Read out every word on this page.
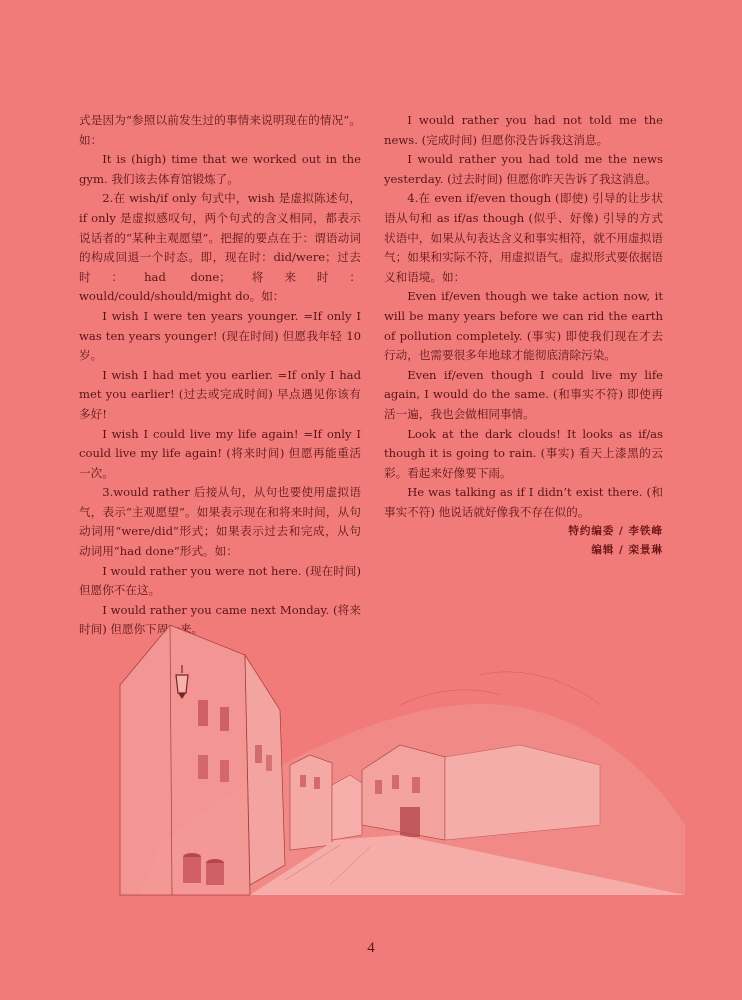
式是因为“参照以前发生过的事情来说明现在的情况”。如：

It is (high) time that we worked out in the gym. 我们该去体育馆锻炼了。

2.在 wish/if only 句式中，wish 是虚拟陈述句，if only 是虚拟感叹句，两个句式的含义相同，都表示说话者的“某种主观愿望”。把握的要点在于：谓语动词的构成回退一个时态。即，现在时：did/were；过去时：had done；将来时：would/could/should/might do。如：

I wish I were ten years younger. =If only I was ten years younger! (现在时间) 但愿我年轻 10 岁。

I wish I had met you earlier. =If only I had met you earlier! (过去或完成时间) 早点遇见你该有多好!

I wish I could live my life again! =If only I could live my life again! (将来时间) 但愿再能重活一次。

3.would rather 后接从句，从句也要使用虚拟语气，表示“主观愿望”。如果表示现在和将来时间，从句动词用“were/did”形式；如果表示过去和完成，从句动词用“had done”形式。如：

I would rather you were not here. (现在时间) 但愿你不在这。

I would rather you came next Monday. (将来时间) 但愿你下周一来。

I would rather you had not told me the news. (完成时间) 但愿你没告诉我这消息。

I would rather you had told me the news yesterday. (过去时间) 但愿你昨天告诉了我这消息。

4.在 even if/even though (即使) 引导的让步状语从句和 as if/as though (似乎、好像) 引导的方式状语中，如果从句表达含义和事实相符，就不用虚拟语气；如果和实际不符，用虚拟语气。虚拟形式要依据语义和语境。如：

Even if/even though we take action now, it will be many years before we can rid the earth of pollution completely. (事实) 即使我们现在才去行动，也需要很多年地球才能彻底清除污染。

Even if/even though I could live my life again, I would do the same. (和事实不符) 即使再活一遍，我也会做相同事情。

Look at the dark clouds! It looks as if/as though it is going to rain. (事实) 看天上漆黑的云彩。看起来好像要下雨。

He was talking as if I didn’t exist there. (和事实不符) 他说话就好像我不存在似的。

特约编委 / 李铁峰
编辑 / 栾景琳
4
